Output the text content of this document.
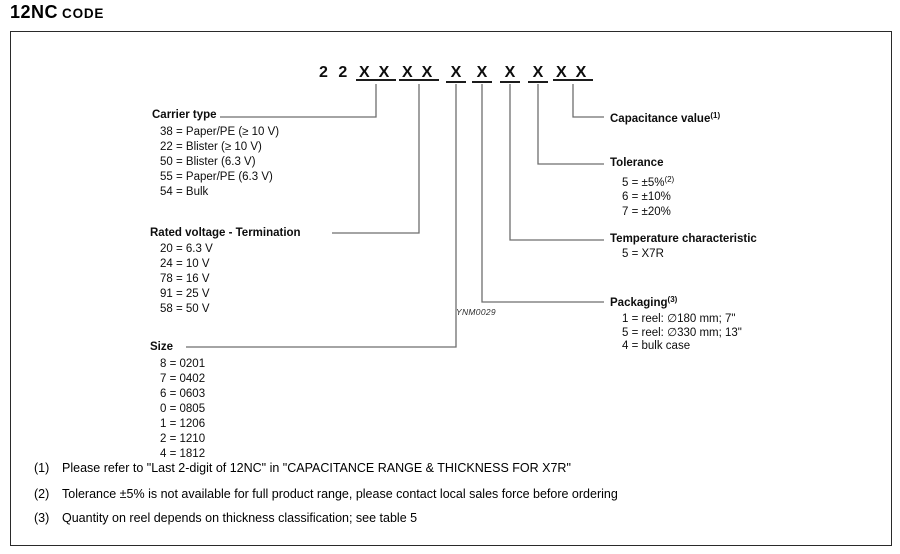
12NC CODE
2 2 XX XX X X X X XX
Carrier type
38 = Paper/PE (≥ 10 V)
22 = Blister (≥ 10 V)
50 = Blister (6.3 V)
55 = Paper/PE (6.3 V)
54 = Bulk
Rated voltage - Termination
20 = 6.3 V
24 = 10 V
78 = 16 V
91 = 25 V
58 = 50 V
Size
8 = 0201
7 = 0402
6 = 0603
0 = 0805
1 = 1206
2 = 1210
4 = 1812
Capacitance value$^{(1)}$
Tolerance
5 = ±5%$^{(2)}$
6 = ±10%
7 = ±20%
Temperature characteristic
5 = X7R
Packaging$^{(3)}$
1 = reel: ∅180 mm; 7"
5 = reel: ∅330 mm; 13"
4 = bulk case
YNM0029
(1) Please refer to "Last 2-digit of 12NC" in "CAPACITANCE RANGE & THICKNESS FOR X7R"
(2) Tolerance ±5% is not available for full product range, please contact local sales force before ordering
(3) Quantity on reel depends on thickness classification; see table 5
